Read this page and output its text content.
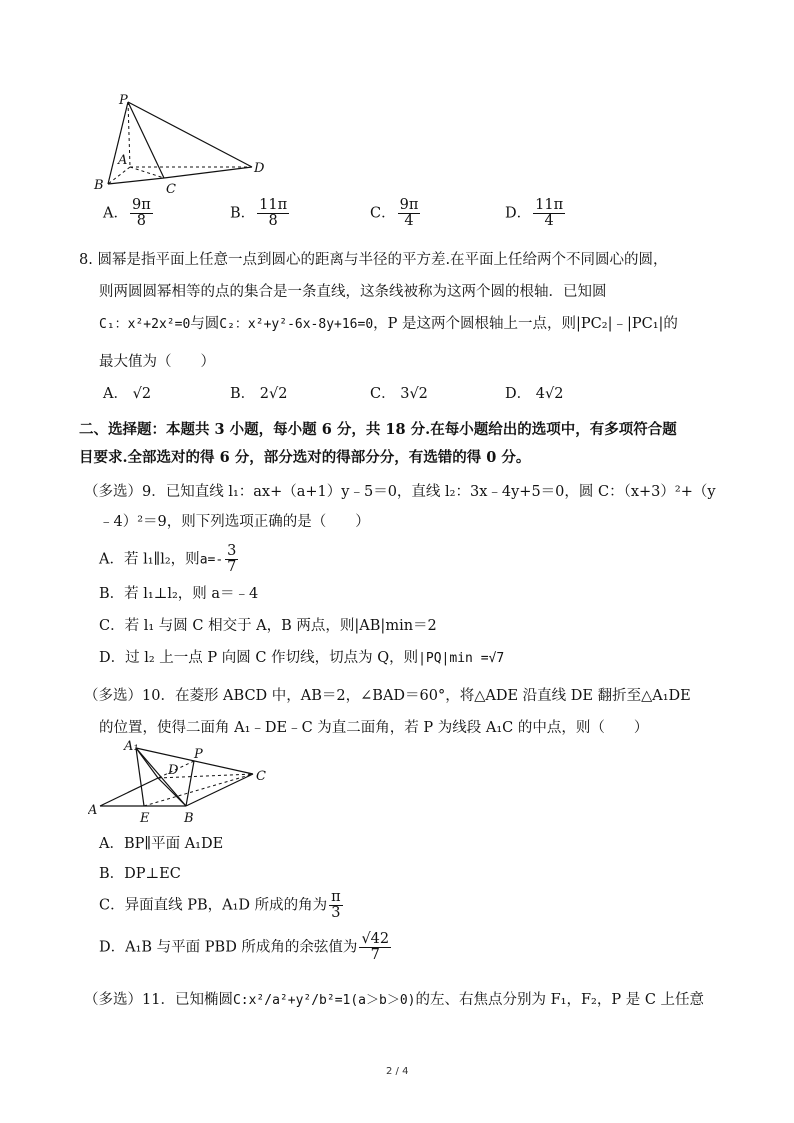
P
A
D
B	C
A． $\frac{9\pi}{8}$	B． $\frac{11\pi}{8}$	C． $\frac{9\pi}{4}$	D． $\frac{11\pi}{4}$
8. 圆幂是指平面上任意一点到圆心的距离与半径的平方差.在平面上任给两个不同圆心的圆，
则两圆圆幂相等的点的集合是一条直线，这条线被称为这两个圆的根轴．已知圆
C₁：x²+2x²=0与圆C₂：x²+y²-6x-8y+16=0，P 是这两个圆根轴上一点，则|PC₂|﹣|PC₁|的
最大值为（　　）
A． √2	B． 2√2	C． 3√2	D． 4√2
二、选择题：本题共 3 小题，每小题 6 分，共 18 分.在每小题给出的选项中，有多项符合题
目要求.全部选对的得 6 分，部分选对的得部分分，有选错的得 0 分。
（多选）9．已知直线 l₁：ax+（a+1）y﹣5＝0，直线 l₂：3x﹣4y+5＝0，圆 C：（x+3）²+（y
﹣4）²＝9，则下列选项正确的是（　　）
A．若 l₁∥l₂，则$a=- \frac{3}{7}$
B．若 l₁⊥l₂，则 a＝﹣4
C．若 l₁ 与圆 C 相交于 A，B 两点，则|AB|min＝2
D．过 l₂ 上一点 P 向圆 C 作切线，切点为 Q，则|PQ|min =√7
（多选）10．在菱形 ABCD 中，AB＝2，∠BAD＝60°，将△ADE 沿直线 DE 翻折至△A₁DE
的位置，使得二面角 A₁﹣DE﹣C 为直二面角，若 P 为线段 A₁C 的中点，则（　　）
A₁
P
D	C
A
E	B
A．BP∥平面 A₁DE
B．DP⊥EC
C．异面直线 PB，A₁D 所成的角为 $\frac{\pi}{3}$
D．A₁B 与平面 PBD 所成角的余弦值为 $\frac{√42}{7}$
（多选）11．已知椭圆C:x²/a²+y²/b²=1(a＞b＞0)的左、右焦点分别为 F₁，F₂，P 是 C 上任意
2 / 4
